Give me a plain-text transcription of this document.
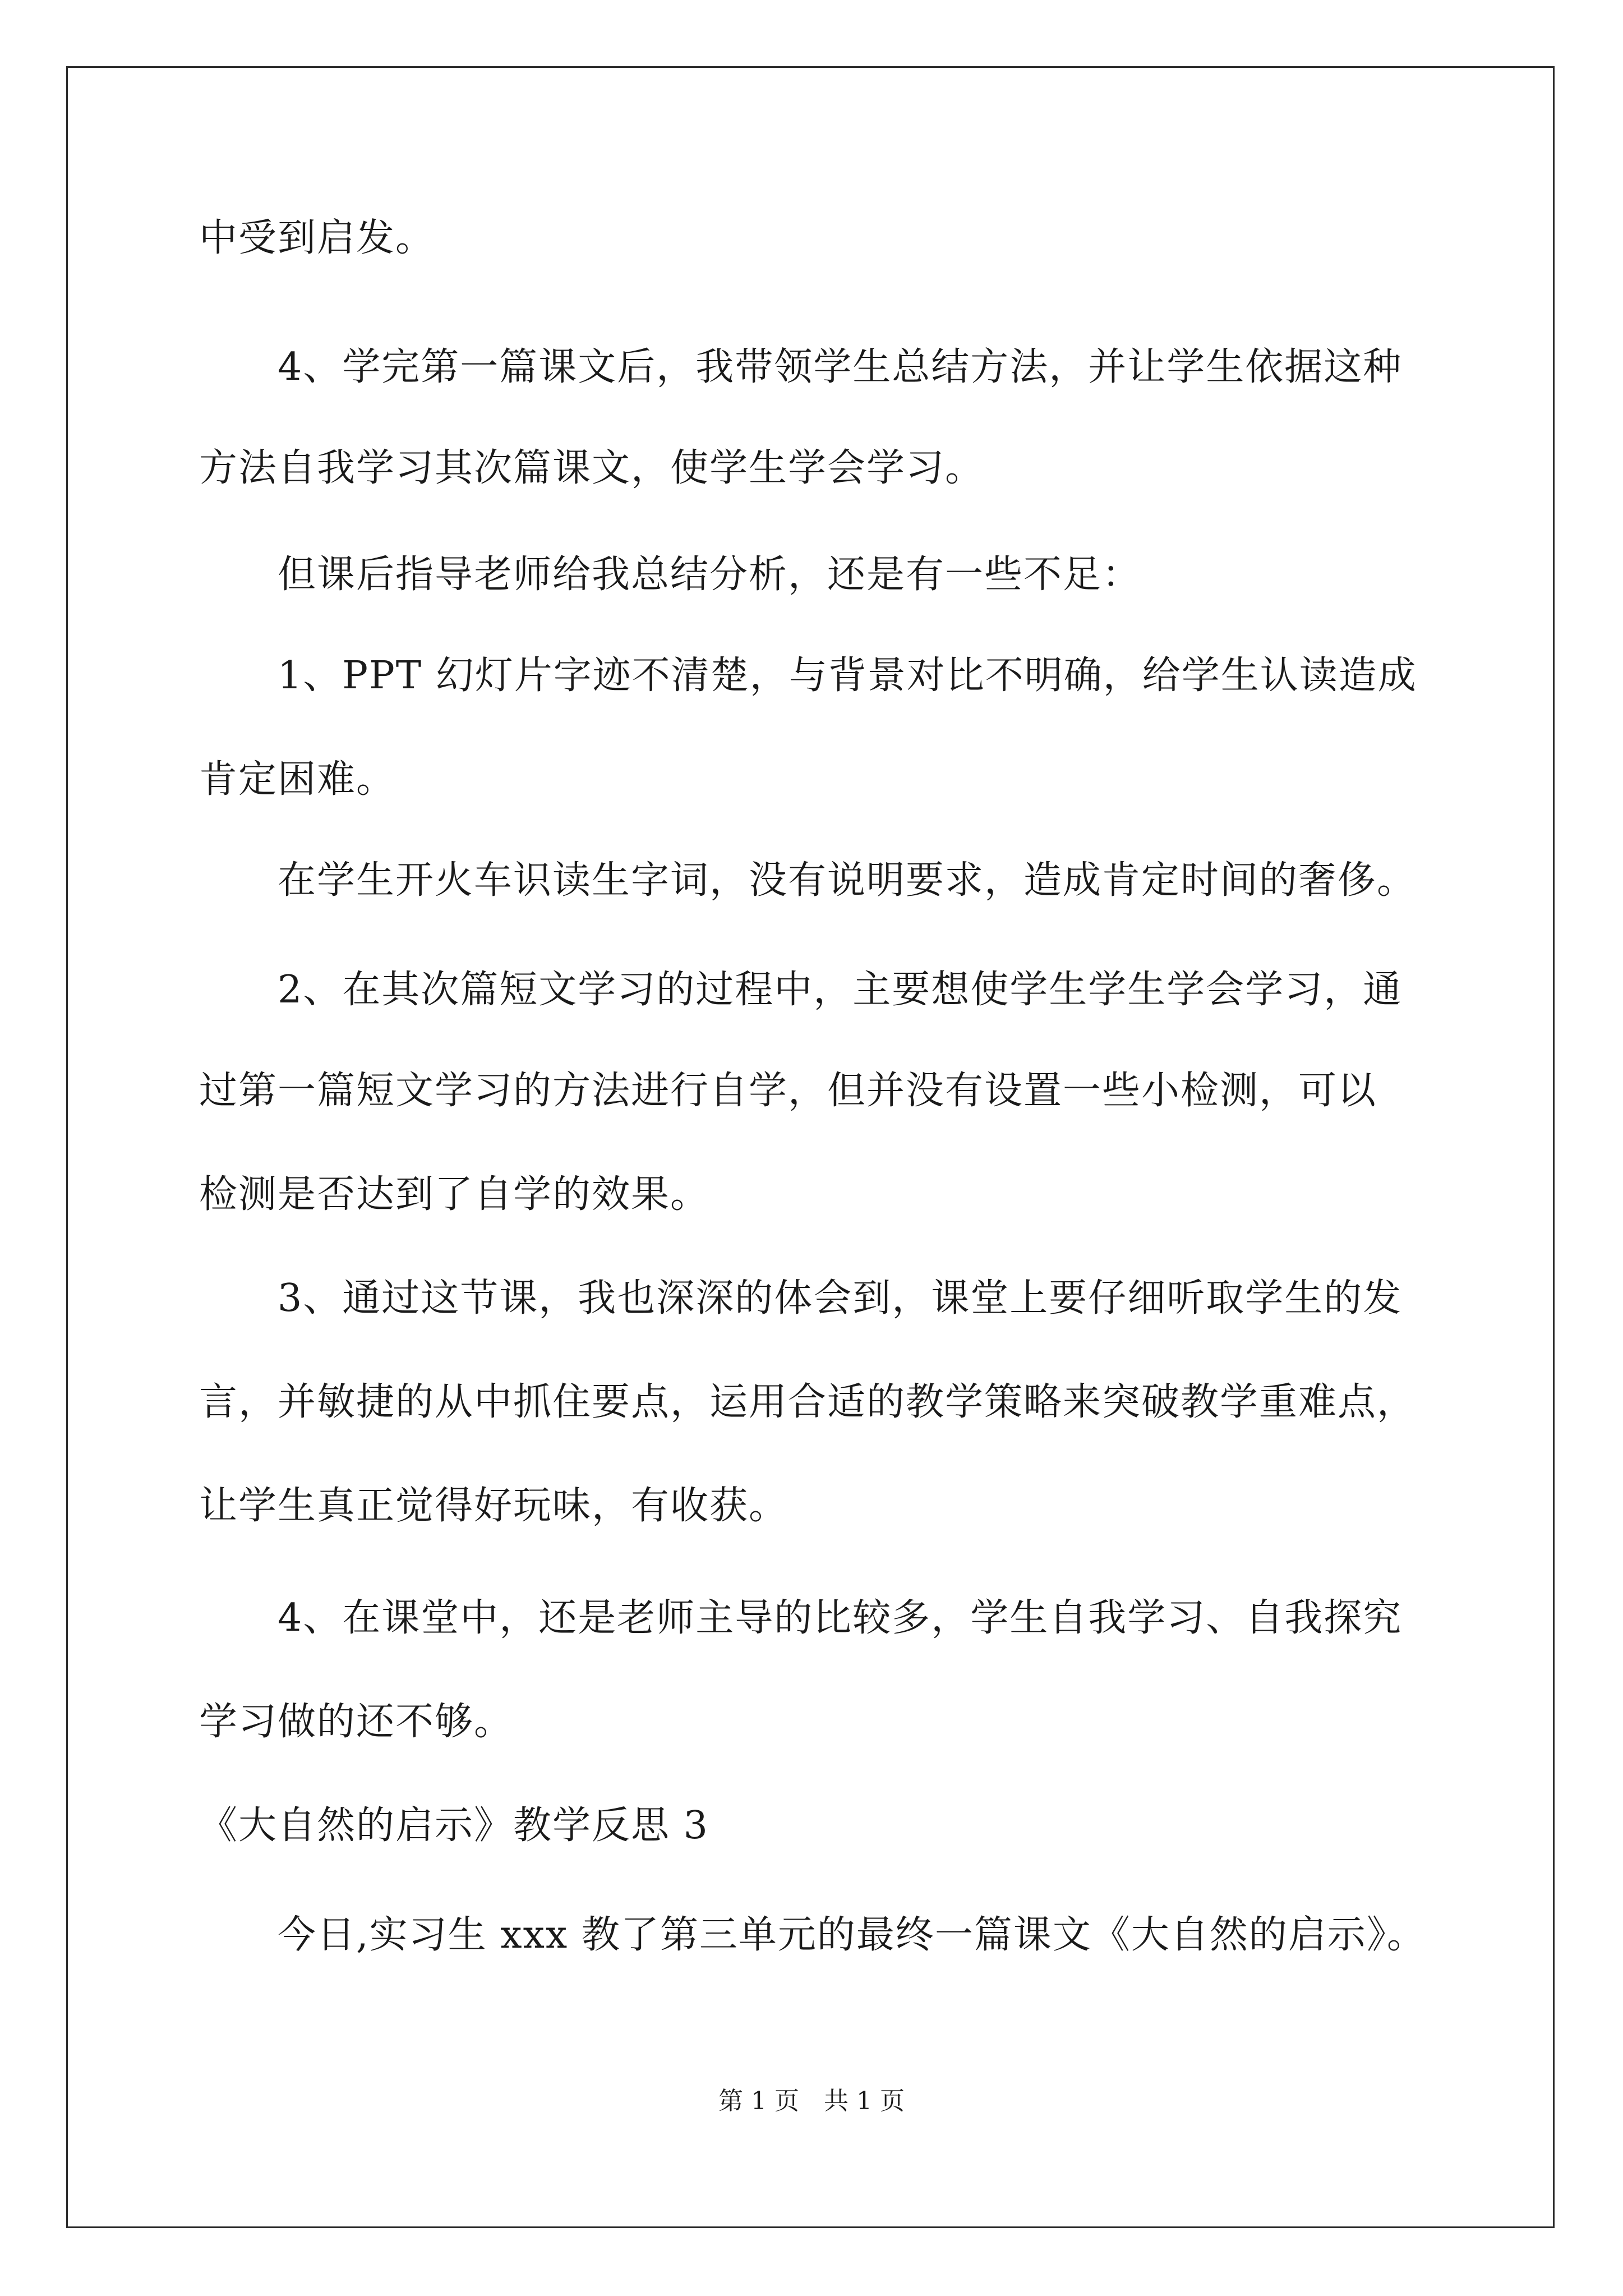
中受到启发。
4、学完第一篇课文后，我带领学生总结方法，并让学生依据这种
方法自我学习其次篇课文，使学生学会学习。
但课后指导老师给我总结分析，还是有一些不足：
1、PPT 幻灯片字迹不清楚，与背景对比不明确，给学生认读造成
肯定困难。
在学生开火车识读生字词，没有说明要求，造成肯定时间的奢侈。
2、在其次篇短文学习的过程中，主要想使学生学生学会学习，通
过第一篇短文学习的方法进行自学，但并没有设置一些小检测，可以
检测是否达到了自学的效果。
3、通过这节课，我也深深的体会到，课堂上要仔细听取学生的发
言，并敏捷的从中抓住要点，运用合适的教学策略来突破教学重难点，
让学生真正觉得好玩味，有收获。
4、在课堂中，还是老师主导的比较多，学生自我学习、自我探究
学习做的还不够。
《大自然的启示》教学反思 3
今日,实习生 xxx 教了第三单元的最终一篇课文《大自然的启示》。
第 1 页　共 1 页
